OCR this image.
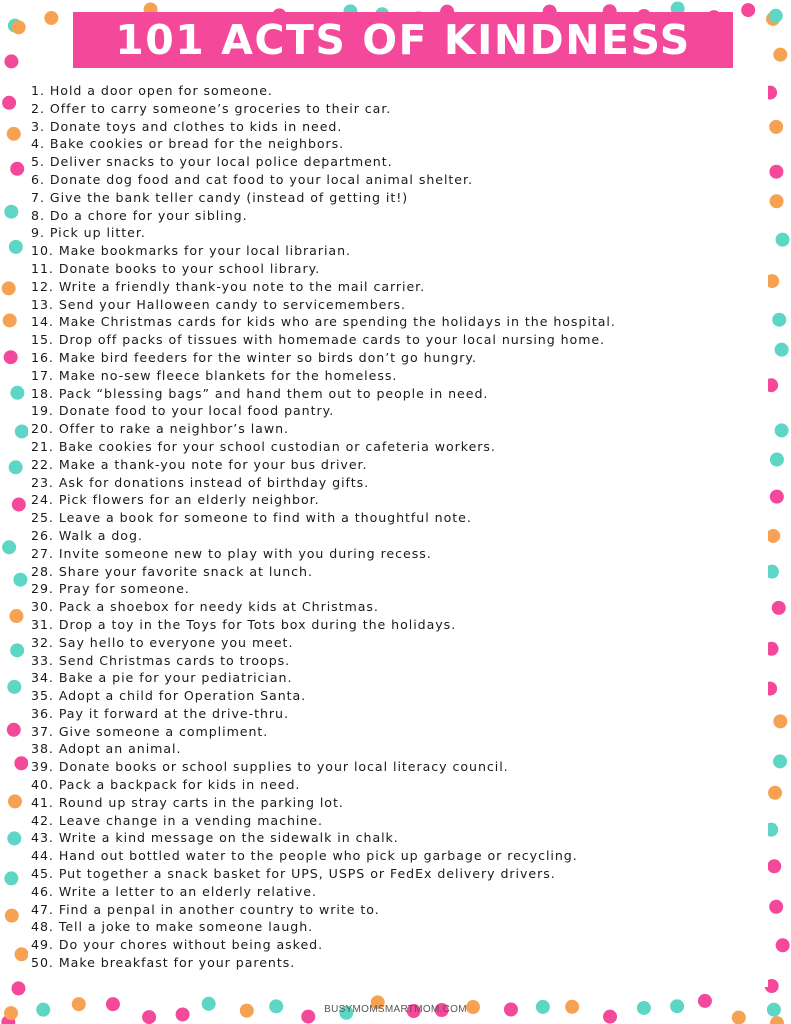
101 ACTS OF KINDNESS
1. Hold a door open for someone.
2. Offer to carry someone’s groceries to their car.
3. Donate toys and clothes to kids in need.
4. Bake cookies or bread for the neighbors.
5. Deliver snacks to your local police department.
6. Donate dog food and cat food to your local animal shelter.
7. Give the bank teller candy (instead of getting it!)
8. Do a chore for your sibling.
9. Pick up litter.
10. Make bookmarks for your local librarian.
11. Donate books to your school library.
12. Write a friendly thank-you note to the mail carrier.
13. Send your Halloween candy to servicemembers.
14. Make Christmas cards for kids who are spending the holidays in the hospital.
15. Drop off packs of tissues with homemade cards to your local nursing home.
16. Make bird feeders for the winter so birds don’t go hungry.
17. Make no-sew fleece blankets for the homeless.
18. Pack “blessing bags” and hand them out to people in need.
19. Donate food to your local food pantry.
20. Offer to rake a neighbor’s lawn.
21. Bake cookies for your school custodian or cafeteria workers.
22. Make a thank-you note for your bus driver.
23. Ask for donations instead of birthday gifts.
24. Pick flowers for an elderly neighbor.
25. Leave a book for someone to find with a thoughtful note.
26. Walk a dog.
27. Invite someone new to play with you during recess.
28. Share your favorite snack at lunch.
29. Pray for someone.
30. Pack a shoebox for needy kids at Christmas.
31. Drop a toy in the Toys for Tots box during the holidays.
32. Say hello to everyone you meet.
33. Send Christmas cards to troops.
34. Bake a pie for your pediatrician.
35. Adopt a child for Operation Santa.
36. Pay it forward at the drive-thru.
37. Give someone a compliment.
38. Adopt an animal.
39. Donate books or school supplies to your local literacy council.
40. Pack a backpack for kids in need.
41. Round up stray carts in the parking lot.
42. Leave change in a vending machine.
43. Write a kind message on the sidewalk in chalk.
44. Hand out bottled water to the people who pick up garbage or recycling.
45. Put together a snack basket for UPS, USPS or FedEx delivery drivers.
46. Write a letter to an elderly relative.
47. Find a penpal in another country to write to.
48. Tell a joke to make someone laugh.
49. Do your chores without being asked.
50. Make breakfast for your parents.
BUSYMOMSMARTMOM.COM
